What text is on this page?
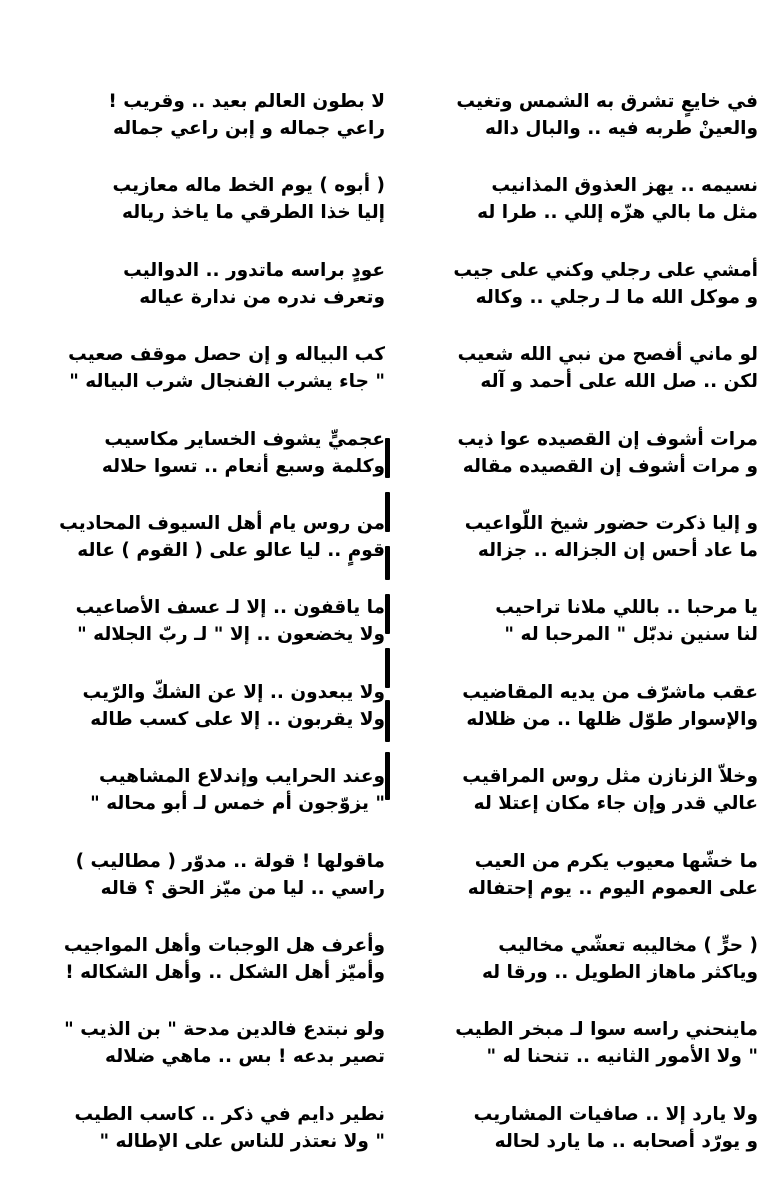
في خايعٍ تشرق به الشمس وتغيب
والعينْ طربه فيه .. والبال داله
نسيمه .. يهز العذوق المذانيب
مثل ما بالي هزّه إللي .. طرا له
أمشي على رجلي وكني على جيب
و موكل الله ما لـ رجلي .. وكاله
لو ماني أفصح من نبي الله شعيب
لكن .. صل الله على أحمد و آله
مرات أشوف إن القصيده عوا ذيب
و مرات أشوف إن القصيده مقاله
و إليا ذكرت حضور شيخ اللّواعيب
ما عاد أحس إن الجزاله .. جزاله
يا مرحبا .. باللي ملانا تراحيب
لنا سنين ندبّل " المرحبا له "
عقب ماشرّف من يديه المقاضيب
والإسوار طوّل ظلها .. من ظلاله
وخلاّ الزنازن مثل روس المراقيب
عالي قدر وإن جاء مكان إعتلا له
ما خشّها معيوب يكرم من العيب
على العموم اليوم .. يوم إحتفاله
( حرٍّ ) مخاليبه تعشّي مخاليب
وياكثر ماهاز الطويل .. ورقا له
ماينحني راسه سوا لـ مبخر الطيب
" ولا الأمور الثانيه .. تنحنا له "
ولا يارد إلا .. صافيات المشاريب
و يورّد أصحابه .. ما يارد لحاله
لا بطون العالم بعيد .. وقريب !
راعي جماله و إبن راعي جماله
( أبوه ) يوم الخط ماله معازيب
إليا خذا الطرقي ما ياخذ رياله
عودٍ براسه ماتدور .. الدواليب
وتعرف ندره من ندارة عياله
كب البياله و إن حصل موقف صعيب
" جاء يشرب الفنجال شرب البياله "
عجميٍّ يشوف الخساير مكاسيب
وكلمة وسبع أنعام .. تسوا حلاله
من روس يام أهل السيوف المحاديب
قومٍ .. ليا عالو على ( القوم ) عاله
ما ياقفون .. إلا لـ عسف الأصاعيب
ولا يخضعون .. إلا " لـ ربّ الجلاله "
ولا يبعدون .. إلا عن الشكّ والرّيب
ولا يقربون .. إلا على كسب طاله
وعند الحرايب وإندلاع المشاهيب
" يزوّجون أم خمس لـ أبو محاله "
ماقولها ! قولة .. مدوّر ( مطاليب )
راسي .. ليا من ميّز الحق ؟ قاله
وأعرف هل الوجبات وأهل المواجيب
وأميّز أهل الشكل .. وأهل الشكاله !
ولو نبتدع فالدين مدحة " بن الذيب "
تصير بدعه ! بس .. ماهي ضلاله
نطير دايم في ذكر .. كاسب الطيب
" ولا نعتذر للناس على الإطاله "
